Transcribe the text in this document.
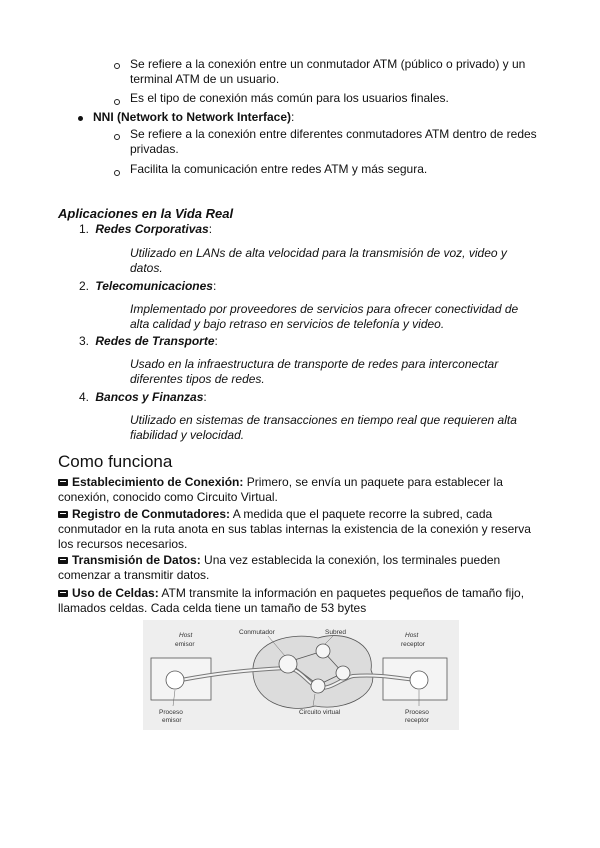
Se refiere a la conexión entre un conmutador ATM (público o privado) y un terminal ATM de un usuario.
Es el tipo de conexión más común para los usuarios finales.
NNI (Network to Network Interface):
Se refiere a la conexión entre diferentes conmutadores ATM dentro de redes privadas.
Facilita la comunicación entre redes ATM y más segura.
Aplicaciones en la Vida Real
1. Redes Corporativas:
Utilizado en LANs de alta velocidad para la transmisión de voz, video y datos.
2. Telecomunicaciones:
Implementado por proveedores de servicios para ofrecer conectividad de alta calidad y bajo retraso en servicios de telefonía y video.
3. Redes de Transporte:
Usado en la infraestructura de transporte de redes para interconectar diferentes tipos de redes.
4. Bancos y Finanzas:
Utilizado en sistemas de transacciones en tiempo real que requieren alta fiabilidad y velocidad.
Como funciona
Establecimiento de Conexión: Primero, se envía un paquete para establecer la conexión, conocido como Circuito Virtual.
Registro de Conmutadores: A medida que el paquete recorre la subred, cada conmutador en la ruta anota en sus tablas internas la existencia de la conexión y reserva los recursos necesarios.
Transmisión de Datos: Una vez establecida la conexión, los terminales pueden comenzar a transmitir datos.
Uso de Celdas: ATM transmite la información en paquetes pequeños de tamaño fijo, llamados celdas. Cada celda tiene un tamaño de 53 bytes
Host
emisor
Host
receptor
Conmutador	Subred
Circuito virtual
Proceso
emisor
Proceso
receptor
